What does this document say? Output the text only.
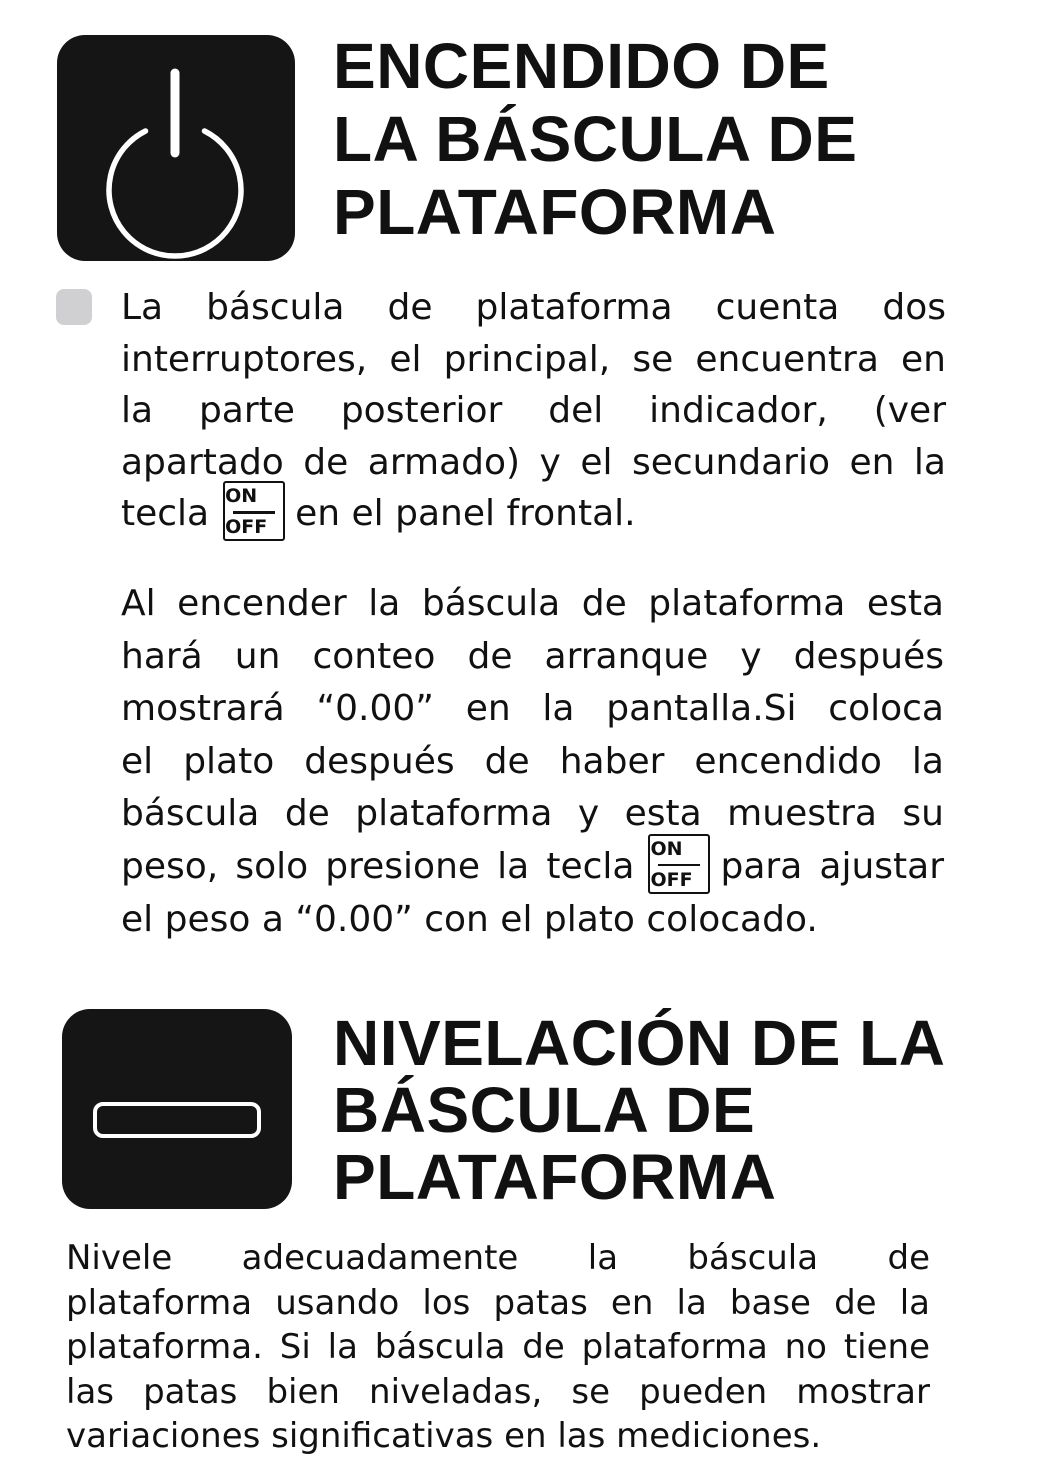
ENCENDIDO DE
LA BÁSCULA DE
PLATAFORMA
La báscula de plataforma cuenta dos
interruptores, el principal, se encuentra en
la parte posterior del indicador, (ver
apartado de armado) y el secundario en la
tecla ON
OFF en el panel frontal.
Al encender la báscula de plataforma esta
hará un conteo de arranque y después
mostrará “0.00” en la pantalla.Si coloca
el plato después de haber encendido la
báscula de plataforma y esta muestra su
peso, solo presione la tecla ON
OFF para ajustar
el peso a “0.00” con el plato colocado.
NIVELACIÓN DE LA
BÁSCULA DE
PLATAFORMA
Nivele adecuadamente la báscula de
plataforma usando los patas en la base de la
plataforma. Si la báscula de plataforma no tiene
las patas bien niveladas, se pueden mostrar
variaciones significativas en las mediciones.
